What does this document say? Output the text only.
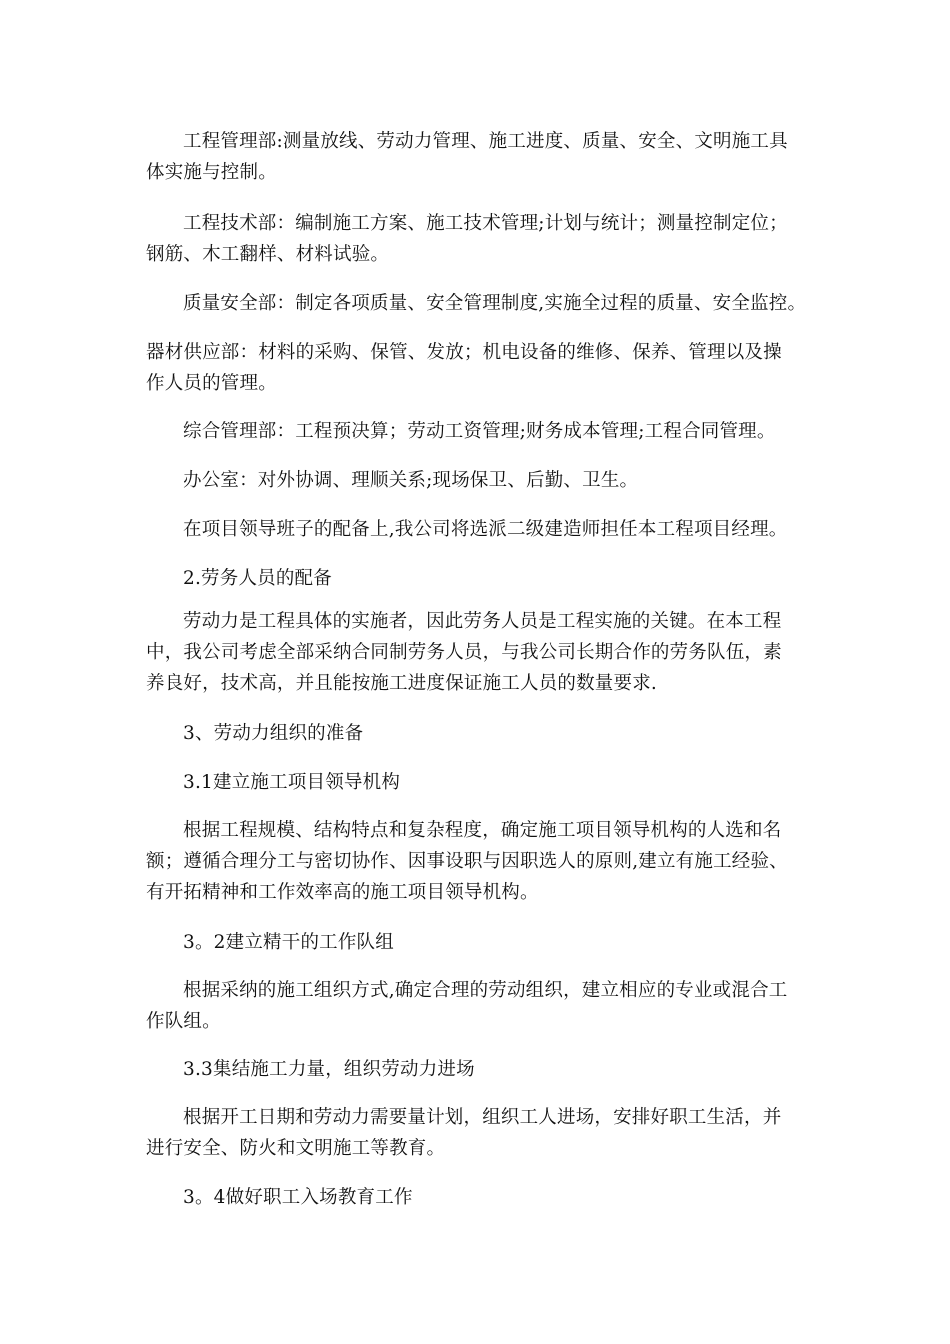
工程管理部:测量放线、劳动力管理、施工进度、质量、安全、文明施工具
体实施与控制。

工程技术部：编制施工方案、施工技术管理;计划与统计；测量控制定位；
钢筋、木工翻样、材料试验。

质量安全部：制定各项质量、安全管理制度,实施全过程的质量、安全监控。

器材供应部：材料的采购、保管、发放；机电设备的维修、保养、管理以及操
作人员的管理。

综合管理部：工程预决算；劳动工资管理;财务成本管理;工程合同管理。

办公室：对外协调、理顺关系;现场保卫、后勤、卫生。

在项目领导班子的配备上,我公司将选派二级建造师担任本工程项目经理。

2.劳务人员的配备

劳动力是工程具体的实施者，因此劳务人员是工程实施的关键。在本工程
中，我公司考虑全部采纳合同制劳务人员，与我公司长期合作的劳务队伍，素
养良好，技术高，并且能按施工进度保证施工人员的数量要求.

3、劳动力组织的准备

3.1建立施工项目领导机构

根据工程规模、结构特点和复杂程度，确定施工项目领导机构的人选和名
额；遵循合理分工与密切协作、因事设职与因职选人的原则,建立有施工经验、
有开拓精神和工作效率高的施工项目领导机构。

3。2建立精干的工作队组

根据采纳的施工组织方式,确定合理的劳动组织，建立相应的专业或混合工
作队组。

3.3集结施工力量，组织劳动力进场

根据开工日期和劳动力需要量计划，组织工人进场，安排好职工生活，并
进行安全、防火和文明施工等教育。

3。4做好职工入场教育工作
